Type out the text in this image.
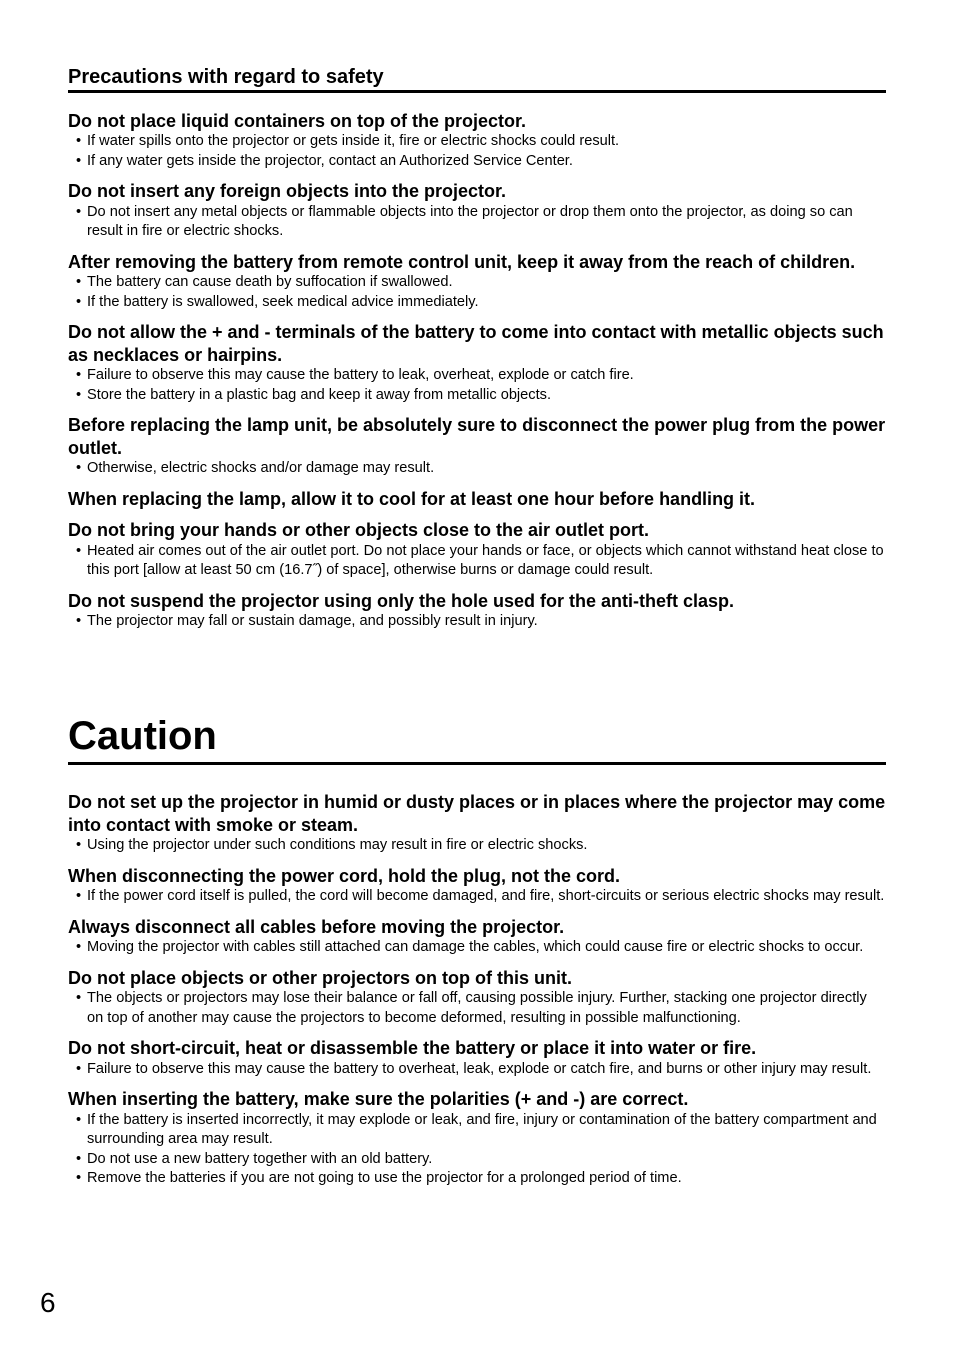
Precautions with regard to safety
Do not place liquid containers on top of the projector.
• If water spills onto the projector or gets inside it, fire or electric shocks could result.
• If any water gets inside the projector, contact an Authorized Service Center.
Do not insert any foreign objects into the projector.
• Do not insert any metal objects or flammable objects into the projector or drop them onto the projector, as doing so can result in fire or electric shocks.
After removing the battery from remote control unit, keep it away from the reach of children.
• The battery can cause death by suffocation if swallowed.
• If the battery is swallowed, seek medical advice immediately.
Do not allow the + and - terminals of the battery to come into contact with metallic objects such as necklaces or hairpins.
• Failure to observe this may cause the battery to leak, overheat, explode or catch fire.
• Store the battery in a plastic bag and keep it away from metallic objects.
Before replacing the lamp unit, be absolutely sure to disconnect the power plug from the power outlet.
• Otherwise, electric shocks and/or damage may result.
When replacing the lamp, allow it to cool for at least one hour before handling it.
Do not bring your hands or other objects close to the air outlet port.
• Heated air comes out of the air outlet port. Do not place your hands or face, or objects which cannot withstand heat close to this port [allow at least 50 cm (16.7˝) of space], otherwise burns or damage could result.
Do not suspend the projector using only the hole used for the anti-theft clasp.
• The projector may fall or sustain damage, and possibly result in injury.
Caution
Do not set up the projector in humid or dusty places or in places where the projector may come into contact with smoke or steam.
• Using the projector under such conditions may result in fire or electric shocks.
When disconnecting the power cord, hold the plug, not the cord.
• If the power cord itself is pulled, the cord will become damaged, and fire, short-circuits or serious electric shocks may result.
Always disconnect all cables before moving the projector.
• Moving the projector with cables still attached can damage the cables, which could cause fire or electric shocks to occur.
Do not place objects or other projectors on top of this unit.
• The objects or projectors may lose their balance or fall off, causing possible injury. Further, stacking one projector directly on top of another may cause the projectors to become deformed, resulting in possible malfunctioning.
Do not short-circuit, heat or disassemble the battery or place it into water or fire.
• Failure to observe this may cause the battery to overheat, leak, explode or catch fire, and burns or other injury may result.
When inserting the battery, make sure the polarities (+ and -) are correct.
• If the battery is inserted incorrectly, it may explode or leak, and fire, injury or contamination of the battery compartment and surrounding area may result.
• Do not use a new battery together with an old battery.
• Remove the batteries if you are not going to use the projector for a prolonged period of time.
6
